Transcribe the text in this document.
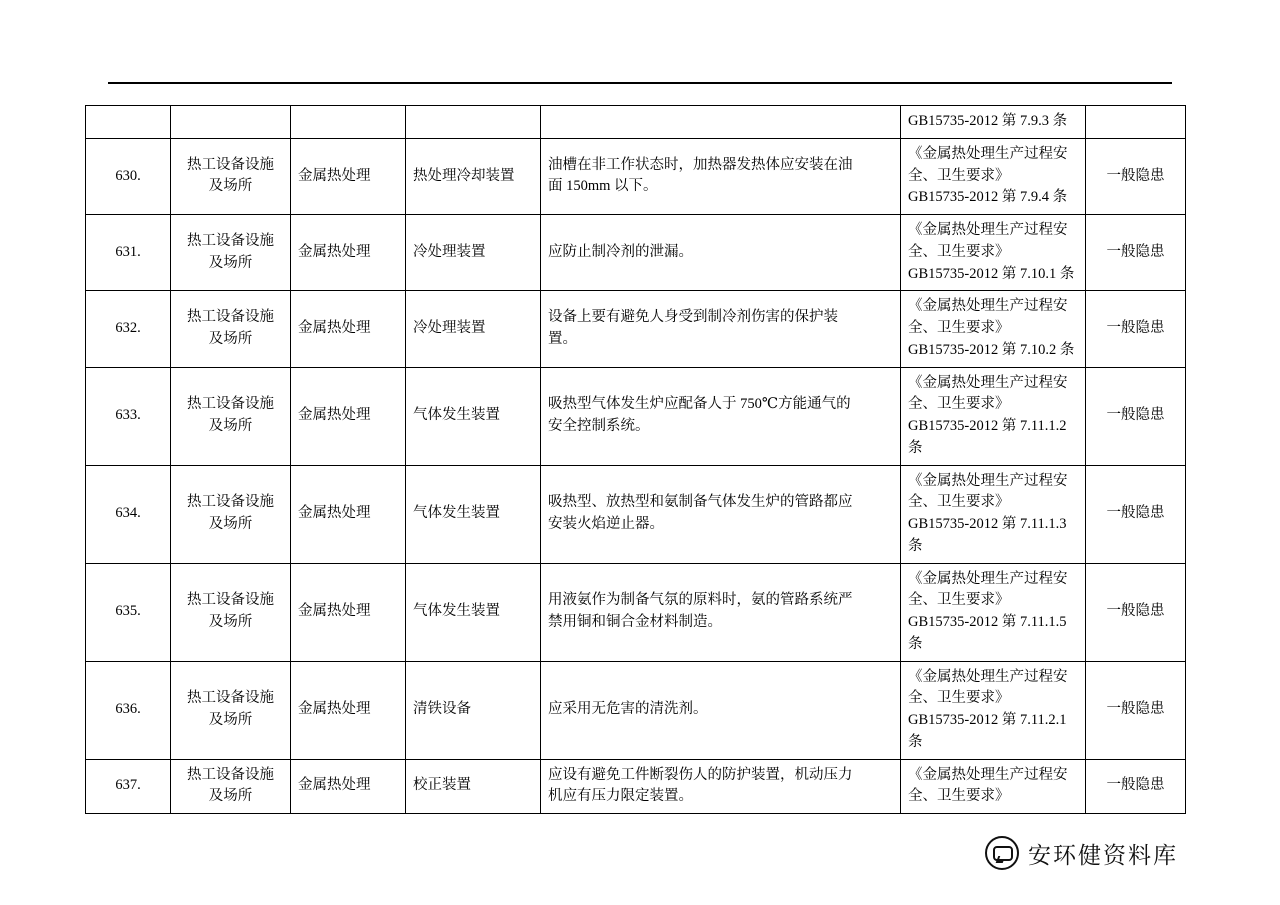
					GB15735-2012 第 7.9.3 条	

630.	热工设备设施
及场所	金属热处理	热处理冷却装置	油槽在非工作状态时，加热器发热体应安装在油
面 150mm 以下。	《金属热处理生产过程安
全、卫生要求》
GB15735-2012 第 7.9.4 条	一般隐患
631.	热工设备设施
及场所	金属热处理	冷处理装置	应防止制冷剂的泄漏。	《金属热处理生产过程安
全、卫生要求》
GB15735-2012 第 7.10.1 条	一般隐患
632.	热工设备设施
及场所	金属热处理	冷处理装置	设备上要有避免人身受到制冷剂伤害的保护装
置。	《金属热处理生产过程安
全、卫生要求》
GB15735-2012 第 7.10.2 条	一般隐患
633.	热工设备设施
及场所	金属热处理	气体发生装置	吸热型气体发生炉应配备人于 750℃方能通气的
安全控制系统。	《金属热处理生产过程安
全、卫生要求》
GB15735-2012 第 7.11.1.2
条	一般隐患
634.	热工设备设施
及场所	金属热处理	气体发生装置	吸热型、放热型和氨制备气体发生炉的管路都应
安装火焰逆止器。	《金属热处理生产过程安
全、卫生要求》
GB15735-2012 第 7.11.1.3
条	一般隐患
635.	热工设备设施
及场所	金属热处理	气体发生装置	用液氨作为制备气氛的原料时，氨的管路系统严
禁用铜和铜合金材料制造。	《金属热处理生产过程安
全、卫生要求》
GB15735-2012 第 7.11.1.5
条	一般隐患
636.	热工设备设施
及场所	金属热处理	清铁设备	应采用无危害的清洗剂。	《金属热处理生产过程安
全、卫生要求》
GB15735-2012 第 7.11.2.1
条	一般隐患
637.	热工设备设施
及场所	金属热处理	校正装置	应设有避免工件断裂伤人的防护装置，机动压力
机应有压力限定装置。	《金属热处理生产过程安
全、卫生要求》	一般隐患
安环健资料库
